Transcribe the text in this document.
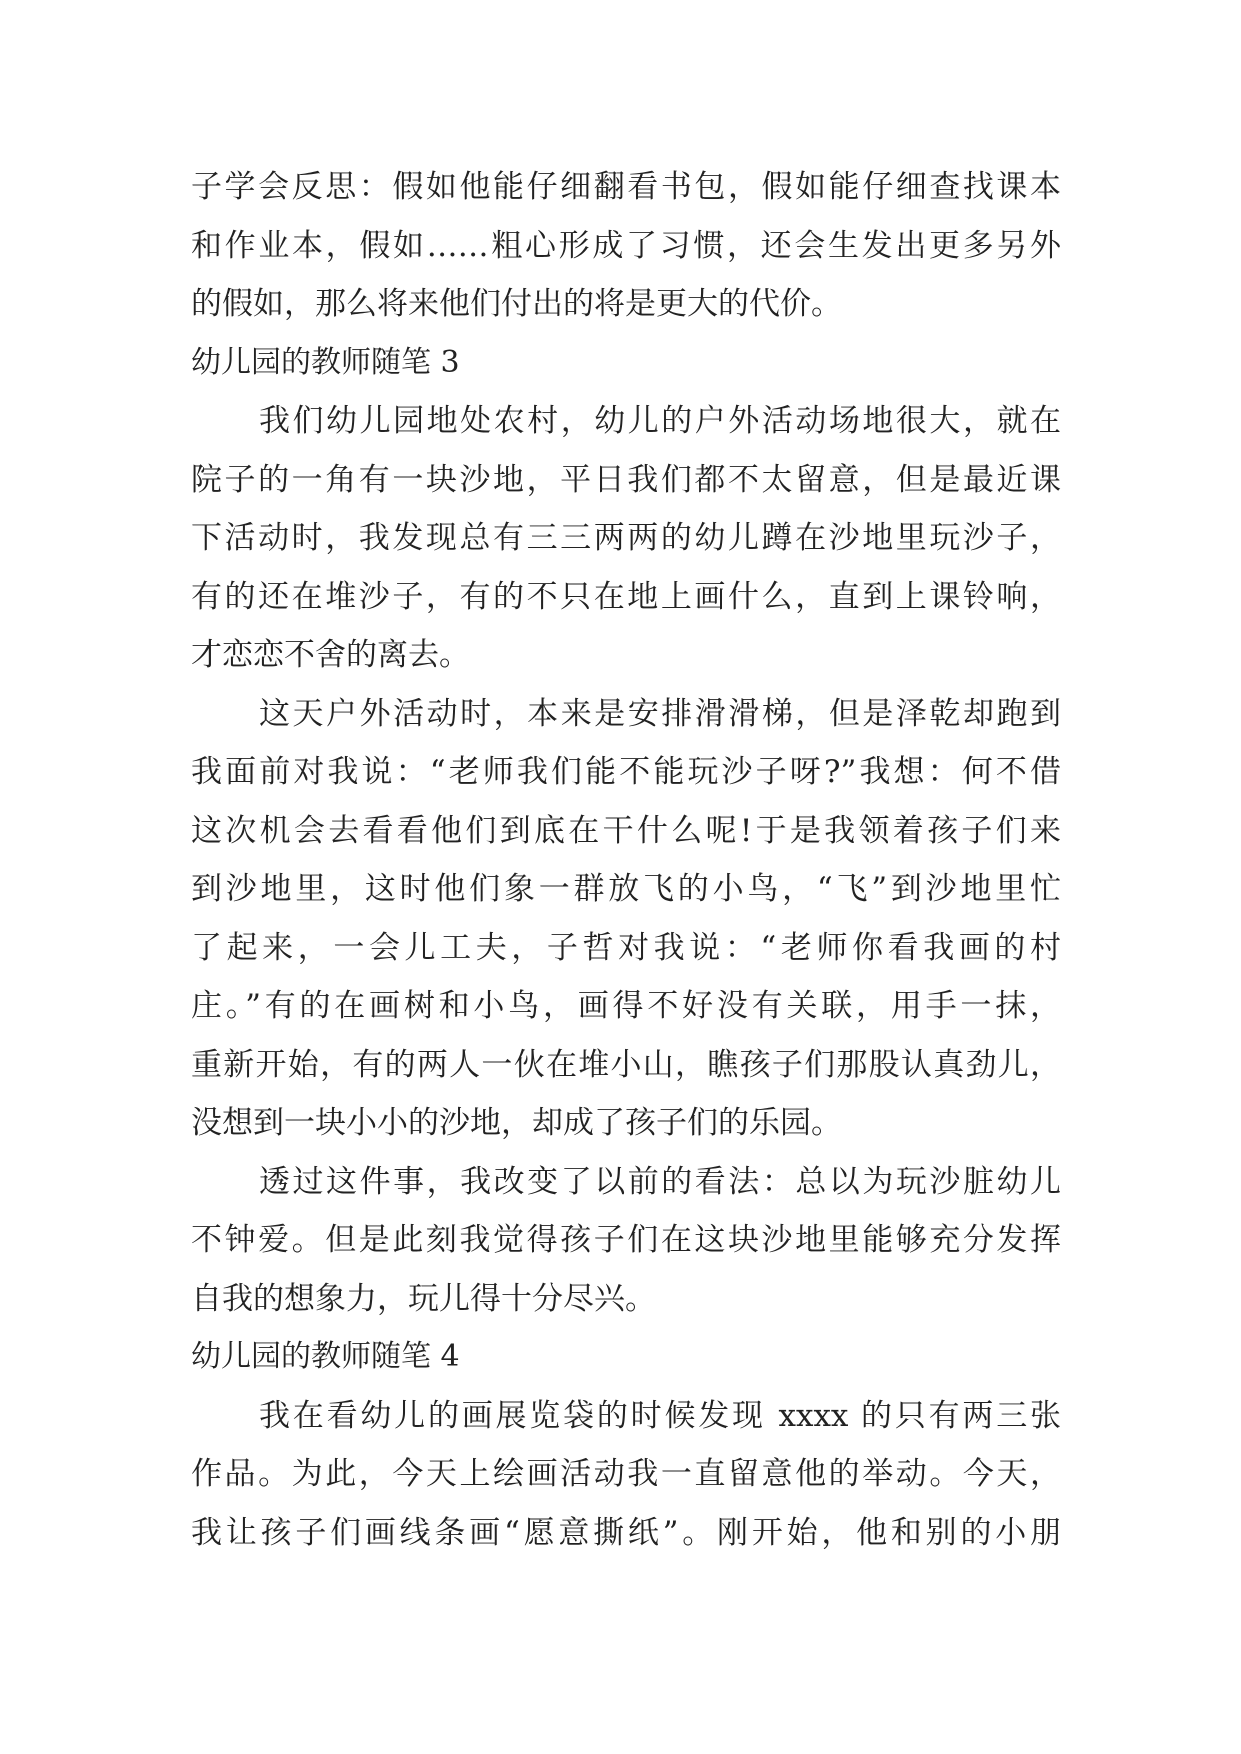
子学会反思：假如他能仔细翻看书包，假如能仔细查找课本
和作业本，假如……粗心形成了习惯，还会生发出更多另外
的假如，那么将来他们付出的将是更大的代价。
幼儿园的教师随笔 3
我们幼儿园地处农村，幼儿的户外活动场地很大，就在
院子的一角有一块沙地，平日我们都不太留意，但是最近课
下活动时，我发现总有三三两两的幼儿蹲在沙地里玩沙子，
有的还在堆沙子，有的不只在地上画什么，直到上课铃响，
才恋恋不舍的离去。
这天户外活动时，本来是安排滑滑梯，但是泽乾却跑到
我面前对我说：“老师我们能不能玩沙子呀?”我想：何不借
这次机会去看看他们到底在干什么呢!于是我领着孩子们来
到沙地里，这时他们象一群放飞的小鸟，“飞”到沙地里忙
了起来，一会儿工夫，子哲对我说：“老师你看我画的村
庄。”有的在画树和小鸟，画得不好没有关联，用手一抹，
重新开始，有的两人一伙在堆小山，瞧孩子们那股认真劲儿，
没想到一块小小的沙地，却成了孩子们的乐园。
透过这件事，我改变了以前的看法：总以为玩沙脏幼儿
不钟爱。但是此刻我觉得孩子们在这块沙地里能够充分发挥
自我的想象力，玩儿得十分尽兴。
幼儿园的教师随笔 4
我在看幼儿的画展览袋的时候发现 xxxx 的只有两三张
作品。为此，今天上绘画活动我一直留意他的举动。今天，
我让孩子们画线条画“愿意撕纸”。刚开始，他和别的小朋
